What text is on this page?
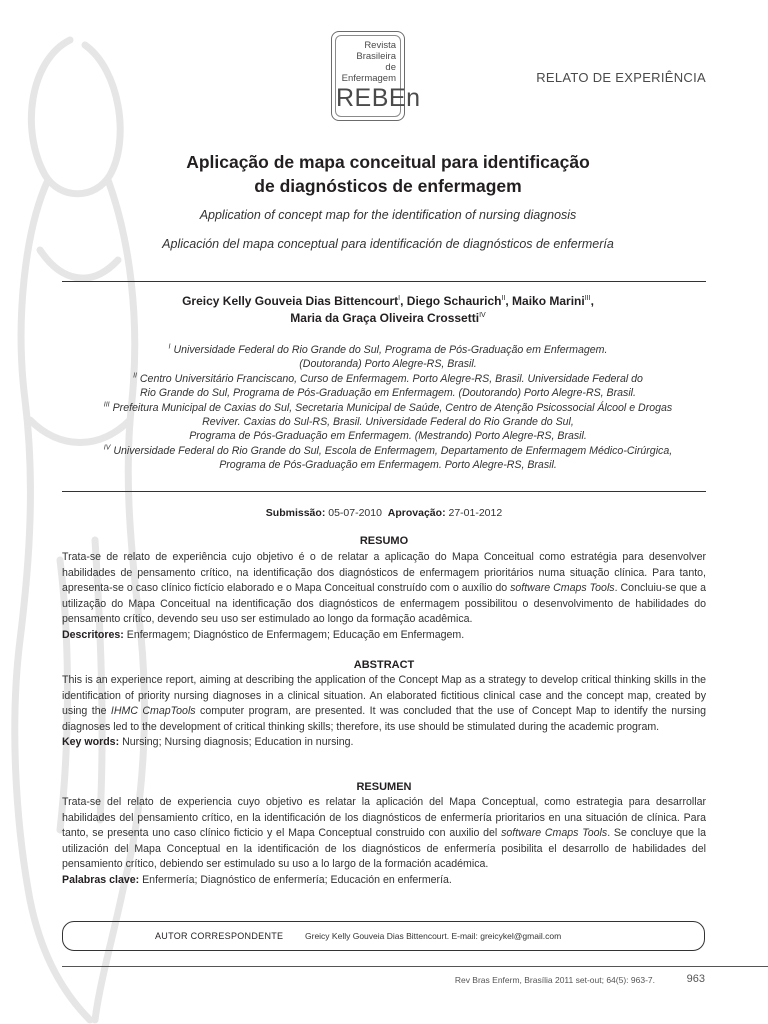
Revista
Brasileira
de Enfermagem
REBEn
RELATO DE EXPERIÊNCIA
Aplicação de mapa conceitual para identificação
de diagnósticos de enfermagem
Application of concept map for the identification of nursing diagnosis
Aplicación del mapa conceptual para identificación de diagnósticos de enfermería
Greicy Kelly Gouveia Dias Bittencourt$^I$, Diego Schaurich$^{II}$, Maiko Marini$^{III}$,
Maria da Graça Oliveira Crossetti$^{IV}$

$^I$ Universidade Federal do Rio Grande do Sul, Programa de Pós-Graduação em Enfermagem.

(Doutoranda) Porto Alegre-RS, Brasil.

$^{II}$ Centro Universitário Franciscano, Curso de Enfermagem. Porto Alegre-RS, Brasil. Universidade Federal do

Rio Grande do Sul, Programa de Pós-Graduação em Enfermagem. (Doutorando) Porto Alegre-RS, Brasil.

$^{III}$ Prefeitura Municipal de Caxias do Sul, Secretaria Municipal de Saúde, Centro de Atenção Psicossocial Álcool e Drogas

Reviver. Caxias do Sul-RS, Brasil. Universidade Federal do Rio Grande do Sul,

Programa de Pós-Graduação em Enfermagem. (Mestrando) Porto Alegre-RS, Brasil.

$^{IV}$ Universidade Federal do Rio Grande do Sul, Escola de Enfermagem, Departamento de Enfermagem Médico-Cirúrgica,

Programa de Pós-Graduação em Enfermagem. Porto Alegre-RS, Brasil.

Submissão: 05-07-2010 Aprovação: 27-01-2012
RESUMO

Trata-se de relato de experiência cujo objetivo é o de relatar a aplicação do Mapa Conceitual como estratégia para desenvolver habilidades de pensamento crítico, na identificação dos diagnósticos de enfermagem prioritários numa situação clínica. Para tanto, apresenta-se o caso clínico fictício elaborado e o Mapa Conceitual construído com o auxílio do software Cmaps Tools. Concluiu-se que a utilização do Mapa Conceitual na identificação dos diagnósticos de enfermagem possibilitou o desenvolvimento de habilidades do pensamento crítico, devendo seu uso ser estimulado ao longo da formação acadêmica.

Descritores: Enfermagem; Diagnóstico de Enfermagem; Educação em Enfermagem.

ABSTRACT

This is an experience report, aiming at describing the application of the Concept Map as a strategy to develop critical thinking skills in the identification of priority nursing diagnoses in a clinical situation. An elaborated fictitious clinical case and the concept map, created by using the IHMC CmapTools computer program, are presented. It was concluded that the use of Concept Map to identify the nursing diagnoses led to the development of critical thinking skills; therefore, its use should be stimulated during the academic program.

Key words: Nursing; Nursing diagnosis; Education in nursing.

RESUMEN

Trata-se del relato de experiencia cuyo objetivo es relatar la aplicación del Mapa Conceptual, como estrategia para desarrollar habilidades del pensamiento crítico, en la identificación de los diagnósticos de enfermería prioritarios en una situación de clínica. Para tanto, se presenta uno caso clínico ficticio y el Mapa Conceptual construido con auxilio del software Cmaps Tools. Se concluye que la utilización del Mapa Conceptual en la identificación de los diagnósticos de enfermería posibilita el desarrollo de habilidades del pensamiento crítico, debiendo ser estimulado su uso a lo largo de la formación académica.

Palabras clave: Enfermería; Diagnóstico de enfermería; Educación en enfermería.

AUTOR CORRESPONDENTE	Greicy Kelly Gouveia Dias Bittencourt. E-mail: greicykel@gmail.com
Rev Bras Enferm, Brasília 2011 set-out; 64(5): 963-7.	963
